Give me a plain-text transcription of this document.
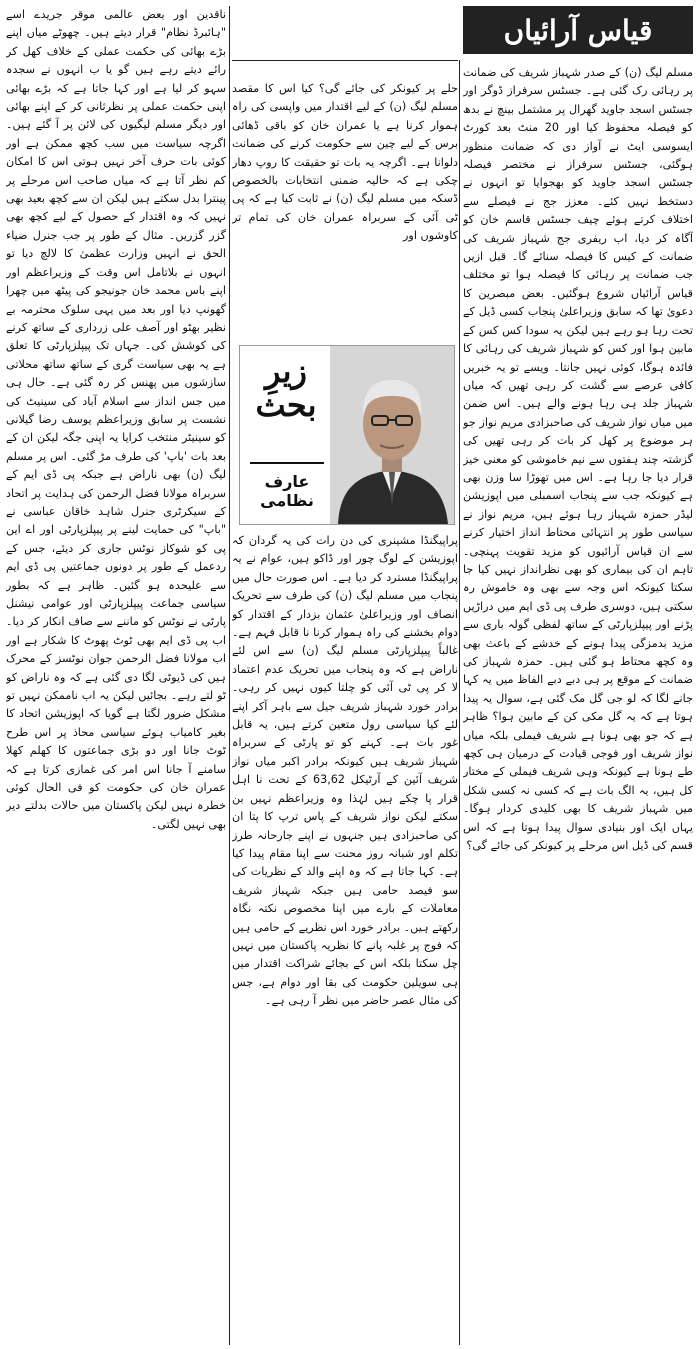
قیاس آرائیاں

مسلم لیگ (ن) کے صدر شہباز شریف کی ضمانت پر رہائی رک گئی ہے۔ جسٹس سرفراز ڈوگر اور جسٹس اسجد جاوید گھرال پر مشتمل بینچ نے بدھ کو فیصلہ محفوظ کیا اور 20 منٹ بعد کورٹ ایسوسی ایٹ نے آواز دی کہ ضمانت منظور ہوگئی، جسٹس سرفراز نے مختصر فیصلہ جسٹس اسجد جاوید کو بھجوایا تو انہوں نے دستخط نہیں کئے۔ معزز جج نے فیصلے سے اختلاف کرتے ہوئے چیف جسٹس قاسم خان کو آگاہ کر دیا، اب ریفری جج شہباز شریف کی ضمانت کے کیس کا فیصلہ سنائے گا۔ قبل ازیں جب ضمانت پر رہائی کا فیصلہ ہوا تو مختلف قیاس آرائیاں شروع ہوگئیں۔ بعض مبصرین کا دعویٰ تھا کہ سابق وزیراعلیٰ پنجاب کسی ڈیل کے تحت رہا ہو رہے ہیں لیکن یہ سودا کس کس کے مابین ہوا اور کس کو شہباز شریف کی رہائی کا فائدہ ہوگا، کوئی نہیں جانتا۔ ویسے تو یہ خبریں کافی عرصے سے گشت کر رہی تھیں کہ میاں شہباز جلد ہی رہا ہونے والے ہیں۔ اس ضمن میں میاں نواز شریف کی صاحبزادی مریم نواز جو ہر موضوع پر کھل کر بات کر رہی تھیں کی گزشتہ چند ہفتوں سے نیم خاموشی کو معنی خیز قرار دیا جا رہا ہے۔ اس میں تھوڑا سا وزن بھی ہے کیونکہ جب سے پنجاب اسمبلی میں اپوزیشن لیڈر حمزہ شہباز رہا ہوئے ہیں، مریم نواز نے سیاسی طور پر انتہائی محتاط انداز اختیار کرنے سے ان قیاس آرائیوں کو مزید تقویت پہنچی۔ تاہم ان کی بیماری کو بھی نظرانداز نہیں کیا جا سکتا کیونکہ اس وجہ سے بھی وہ خاموش رہ سکتی ہیں، دوسری طرف پی ڈی ایم میں دراڑیں پڑنے اور پیپلزپارٹی کے ساتھ لفظی گولہ باری سے مزید بدمزگی پیدا ہونے کے خدشے کے باعث بھی وہ کچھ محتاط ہو گئی ہیں۔ حمزہ شہباز کی ضمانت کے موقع پر ہی دبے دبے الفاظ میں یہ کہا جانے لگا کہ لو جی گل مک گئی ہے، سوال یہ پیدا ہوتا ہے کہ یہ گل مکی کن کے مابین ہوا؟ ظاہر ہے کہ جو بھی ہونا ہے شریف فیملی بلکہ میاں نواز شریف اور فوجی قیادت کے درمیان ہی کچھ طے ہونا ہے کیونکہ وہی شریف فیملی کے مختار کل ہیں، یہ الگ بات ہے کہ کسی نہ کسی شکل میں شہباز شریف کا بھی کلیدی کردار ہوگا۔ یہاں ایک اور بنیادی سوال پیدا ہوتا ہے کہ اس قسم کی ڈیل اس مرحلے پر کیونکر کی جائے گی؟

حلے پر کیونکر کی جائے گی؟ کیا اس کا مقصد مسلم لیگ (ن) کے لیے اقتدار میں واپسی کی راہ ہموار کرنا ہے یا عمران خان کو باقی ڈھائی برس کے لیے چین سے حکومت کرنے کی ضمانت دلوانا ہے۔ اگرچہ یہ بات تو حقیقت کا روپ دھار چکی ہے کہ حالیہ ضمنی انتخابات بالخصوص ڈسکہ میں مسلم لیگ (ن) نے ثابت کیا ہے کہ پی ٹی آئی کے سربراہ عمران خان کی تمام تر کاوشوں اور

پراپیگنڈا مشینری کی دن رات کی یہ گردان کہ اپوزیشن کے لوگ چور اور ڈاکو ہیں، عوام نے یہ پراپیگنڈا مسترد کر دیا ہے۔ اس صورت حال میں پنجاب میں مسلم لیگ (ن) کی طرف سے تحریک انصاف اور وزیراعلیٰ عثمان بزدار کے اقتدار کو دوام بخشنے کی راہ ہموار کرنا نا قابل فہم ہے۔ غالباً پیپلزپارٹی مسلم لیگ (ن) سے اس لئے ناراض ہے کہ وہ پنجاب میں تحریک عدم اعتماد لا کر پی ٹی آئی کو چلتا کیوں نہیں کر رہی۔ برادر خورد شہباز شریف جیل سے باہر آکر اپنے لئے کیا سیاسی رول متعین کرتے ہیں، یہ قابل غور بات ہے۔ کہنے کو تو پارٹی کے سربراہ شہباز شریف ہیں کیونکہ برادر اکبر میاں نواز شریف آئین کے آرٹیکل 63,62 کے تحت نا اہل قرار پا چکے ہیں لہٰذا وہ وزیراعظم نہیں بن سکتے لیکن نواز شریف کے پاس ترپ کا پتا ان کی صاحبزادی ہیں جنہوں نے اپنے جارحانہ طرز تکلم اور شبانہ روز محنت سے اپنا مقام پیدا کیا ہے۔ کہا جاتا ہے کہ وہ اپنے والد کے نظریات کی سو فیصد حامی ہیں جبکہ شہباز شریف معاملات کے بارے میں اپنا مخصوص نکتہ نگاہ رکھتے ہیں۔ برادر خورد اس نظریے کے حامی ہیں کہ فوج پر غلبہ پانے کا نظریہ پاکستان میں نہیں چل سکتا بلکہ اس کے بجائے شراکت اقتدار میں ہی سویلین حکومت کی بقا اور دوام ہے، جس کی مثال عصر حاضر میں نظر آ رہی ہے۔

زیرِ
بحث
عارف نظامی

ناقدین اور بعض عالمی موقر جریدے اسے "ہائبرڈ نظام" قرار دیتے ہیں۔ چھوٹے میاں اپنے بڑے بھائی کی حکمت عملی کے خلاف کھل کر رائے دیتے رہے ہیں گو یا ب انہوں نے سجدہ سہو کر لیا ہے اور کہا جاتا ہے کہ بڑے بھائی اپنی حکمت عملی پر نظرثانی کر کے اپنے بھائی اور دیگر مسلم لیگیوں کی لائن پر آ گئے ہیں۔ اگرچہ سیاست میں سب کچھ ممکن ہے اور کوئی بات حرف آخر نہیں ہوتی اس کا امکان کم نظر آتا ہے کہ میاں صاحب اس مرحلے پر پینترا بدل سکتے ہیں لیکن ان سے کچھ بعید بھی نہیں کہ وہ اقتدار کے حصول کے لیے کچھ بھی گزر گزریں۔ مثال کے طور پر جب جنرل ضیاء الحق نے انہیں وزارت عظمیٰ کا لالچ دیا تو انہوں نے بلاتامل اس وقت کے وزیراعظم اور اپنے باس محمد خان جونیجو کی پیٹھ میں چھرا گھونپ دیا اور بعد میں یہی سلوک محترمہ بے نظیر بھٹو اور آصف علی زرداری کے ساتھ کرنے کی کوشش کی۔ جہاں تک پیپلزپارٹی کا تعلق ہے یہ بھی سیاست گری کے ساتھ ساتھ محلاتی سازشوں میں پھنس کر رہ گئی ہے۔ حال ہی میں جس انداز سے اسلام آباد کی سینیٹ کی نشست پر سابق وزیراعظم یوسف رضا گیلانی کو سینیٹر منتخب کرایا یہ اپنی جگہ لیکن ان کے بعد بات 'باپ' کی طرف مڑ گئی۔ اس پر مسلم لیگ (ن) بھی ناراض ہے جبکہ پی ڈی ایم کے سربراہ مولانا فضل الرحمن کی ہدایت پر اتحاد کے سیکرٹری جنرل شاہد خاقان عباسی نے "باپ" کی حمایت لینے پر پیپلزپارٹی اور اے این پی کو شوکاز نوٹس جاری کر دیئے، جس کے ردعمل کے طور پر دونوں جماعتیں پی ڈی ایم سے علیحدہ ہو گئیں۔ ظاہر ہے کہ بطور سیاسی جماعت پیپلزپارٹی اور عوامی نیشنل پارٹی نے نوٹس کو ماننے سے صاف انکار کر دیا۔ اب پی ڈی ایم بھی ٹوٹ پھوٹ کا شکار ہے اور اب مولانا فضل الرحمن جوان نوٹسز کے محرک ہیں کی ڈیوٹی لگا دی گئی ہے کہ وہ ناراض کو ٹو لتے رہے۔ بجائیں لیکن یہ اب ناممکن نہیں تو مشکل ضرور لگتا ہے گویا کہ اپوزیشن اتحاد کا بغیر کامیاب ہوئے سیاسی محاذ پر اس طرح ٹوٹ جانا اور دو بڑی جماعتوں کا کھلم کھلا سامنے آ جانا اس امر کی غمازی کرتا ہے کہ عمران خان کی حکومت کو فی الحال کوئی خطرہ نہیں لیکن پاکستان میں حالات بدلتے دیر بھی نہیں لگتی۔
